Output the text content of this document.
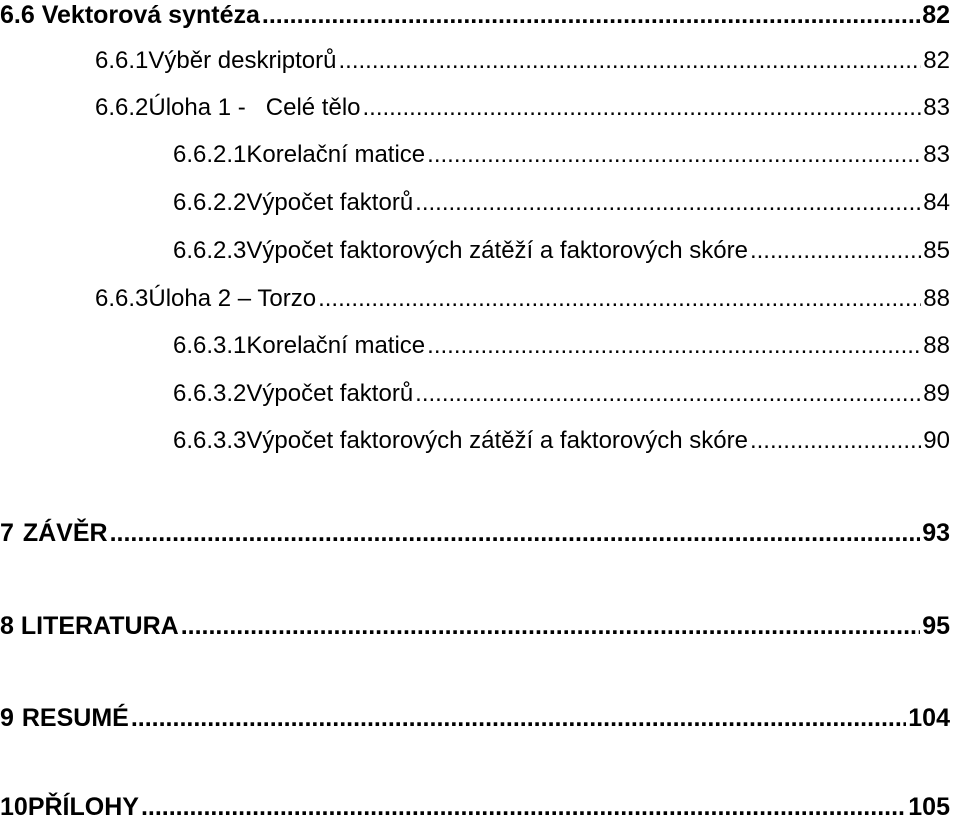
6.6 Vektorová syntéza .....	82
6.6.1 Výběr deskriptorů .....	82
6.6.2 Úloha 1 -   Celé tělo .....	83
6.6.2.1 Korelační matice .....	83
6.6.2.2 Výpočet faktorů .....	84
6.6.2.3 Výpočet faktorových zátěží a faktorových skóre .....	85
6.6.3 Úloha 2 – Torzo .....	88
6.6.3.1 Korelační matice .....	88
6.6.3.2 Výpočet faktorů .....	89
6.6.3.3 Výpočet faktorových zátěží a faktorových skóre .....	90
7 ZÁVĚR .....	93
8 LITERATURA .....	95
9 RESUMÉ .....	104
10 PŘÍLOHY .....	105
